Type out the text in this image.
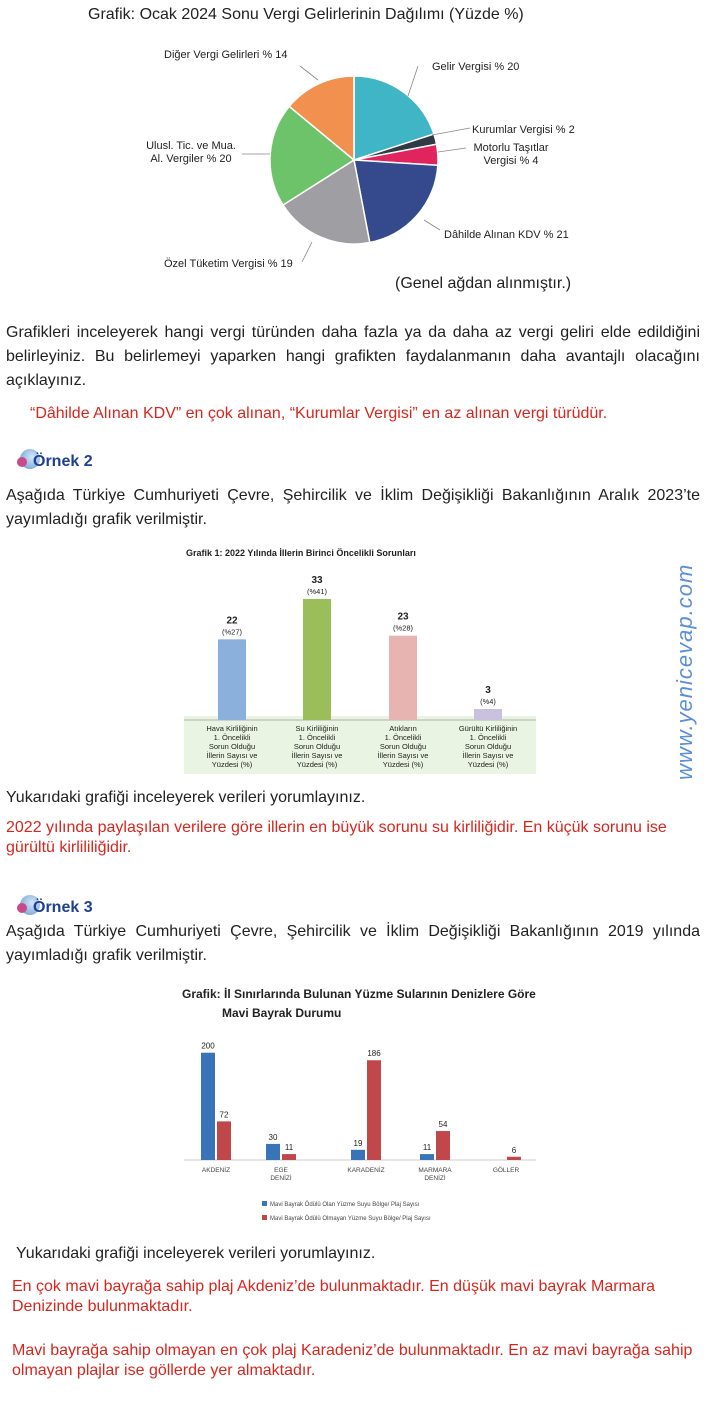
Grafik: Ocak 2024 Sonu Vergi Gelirlerinin Dağılımı (Yüzde %)
Diğer Vergi Gelirleri % 14
Gelir Vergisi % 20
Kurumlar Vergisi % 2
Motorlu Taşıtlar Vergisi % 4
Ulusl. Tic. ve Mua. Al. Vergiler % 20
Dâhilde Alınan KDV % 21
Özel Tüketim Vergisi % 19
(Genel ağdan alınmıştır.)
Grafikleri inceleyerek hangi vergi türünden daha fazla ya da daha az vergi geliri elde edildiğini belirleyiniz. Bu belirlemeyi yaparken hangi grafikten faydalanmanın daha avantajlı olacağını açıklayınız.
“Dâhilde Alınan KDV” en çok alınan, “Kurumlar Vergisi” en az alınan vergi türüdür.
Örnek 2
Aşağıda Türkiye Cumhuriyeti Çevre, Şehircilik ve İklim Değişikliği Bakanlığının Aralık 2023’te yayımladığı grafik verilmiştir.
Grafik 1: 2022 Yılında İllerin Birinci Öncelikli Sorunları
22
(%27)
Hava Kirliliğinin
1. Öncelikli
Sorun Olduğu
İllerin Sayısı ve
Yüzdesi (%)
33
(%41)
Su Kirliliğinin
1. Öncelikli
Sorun Olduğu
İllerin Sayısı ve
Yüzdesi (%)
23
(%28)
Atıkların
1. Öncelikli
Sorun Olduğu
İllerin Sayısı ve
Yüzdesi (%)
3
(%4)
Gürültü Kirliliğinin
1. Öncelikli
Sorun Olduğu
İllerin Sayısı ve
Yüzdesi (%)	www.yenicevap.com
Yukarıdaki grafiği inceleyerek verileri yorumlayınız.
2022 yılında paylaşılan verilere göre illerin en büyük sorunu su kirliliğidir. En küçük sorunu ise gürültü kirlililiğidir.
Örnek 3
Aşağıda Türkiye Cumhuriyeti Çevre, Şehircilik ve İklim Değişikliği Bakanlığının 2019 yılında yayımladığı grafik verilmiştir.
Grafik: İl Sınırlarında Bulunan Yüzme Sularının Denizlere Göre
Mavi Bayrak Durumu
200
72
AKDENİZ
30
11
EGE
DENİZİ
19
186
KARADENİZ
11
54
MARMARA
DENİZİ
6
GÖLLER
Mavi Bayrak Ödülü Olan Yüzme Suyu Bölge/ Plaj Sayısı
Mavi Bayrak Ödülü Olmayan Yüzme Suyu Bölge/ Plaj Sayısı
Yukarıdaki grafiği inceleyerek verileri yorumlayınız.
En çok mavi bayrağa sahip plaj Akdeniz’de bulunmaktadır. En düşük mavi bayrak Marmara Denizinde bulunmaktadır.
Mavi bayrağa sahip olmayan en çok plaj Karadeniz’de bulunmaktadır. En az mavi bayrağa sahip olmayan plajlar ise göllerde yer almaktadır.
